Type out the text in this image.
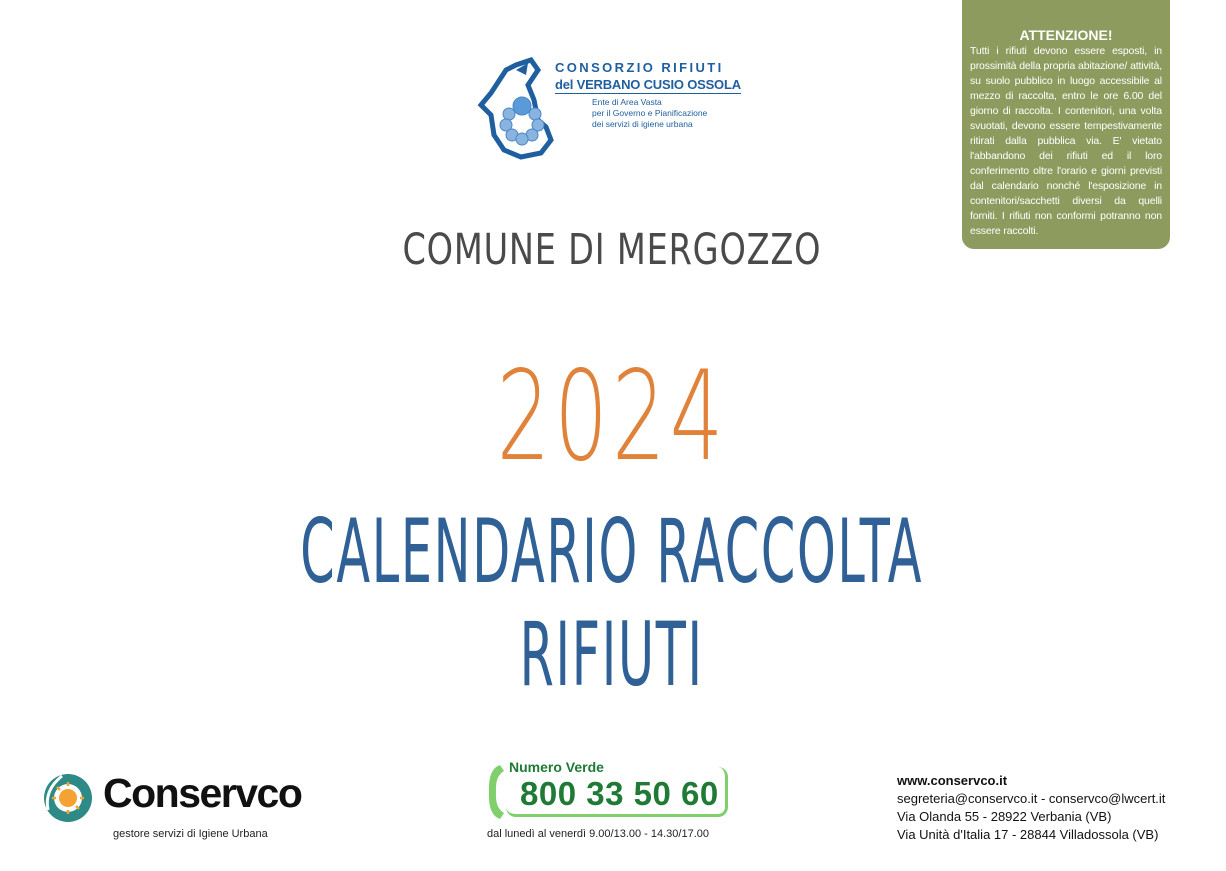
CONSORZIO RIFIUTI
del VERBANO CUSIO OSSOLA
Ente di Area Vasta
per il Governo e Pianificazione
dei servizi di igiene urbana
ATTENZIONE!
Tutti i rifiuti devono essere esposti, in prossimità della propria abitazione/ attività, su suolo pubblico in luogo accessibile al mezzo di raccolta, entro le ore 6.00 del giorno di raccolta. I contenitori, una volta svuotati, devono essere tempestivamente ritirati dalla pubblica via. E' vietato l'abbandono dei rifiuti ed il loro conferimento oltre l'orario e giorni previsti dal calendario nonché l'esposizione in contenitori/sacchetti diversi da quelli forniti. I rifiuti non conformi potranno non essere raccolti.
COMUNE DI MERGOZZO
2024
CALENDARIO RACCOLTA RIFIUTI
Conservco
gestore servizi di Igiene Urbana
Numero Verde
800 33 50 60
dal lunedì al venerdì 9.00/13.00 - 14.30/17.00
www.conservco.it
segreteria@conservco.it - conservco@lwcert.it
Via Olanda 55 - 28922 Verbania (VB)
Via Unità d'Italia 17 - 28844 Villadossola (VB)
